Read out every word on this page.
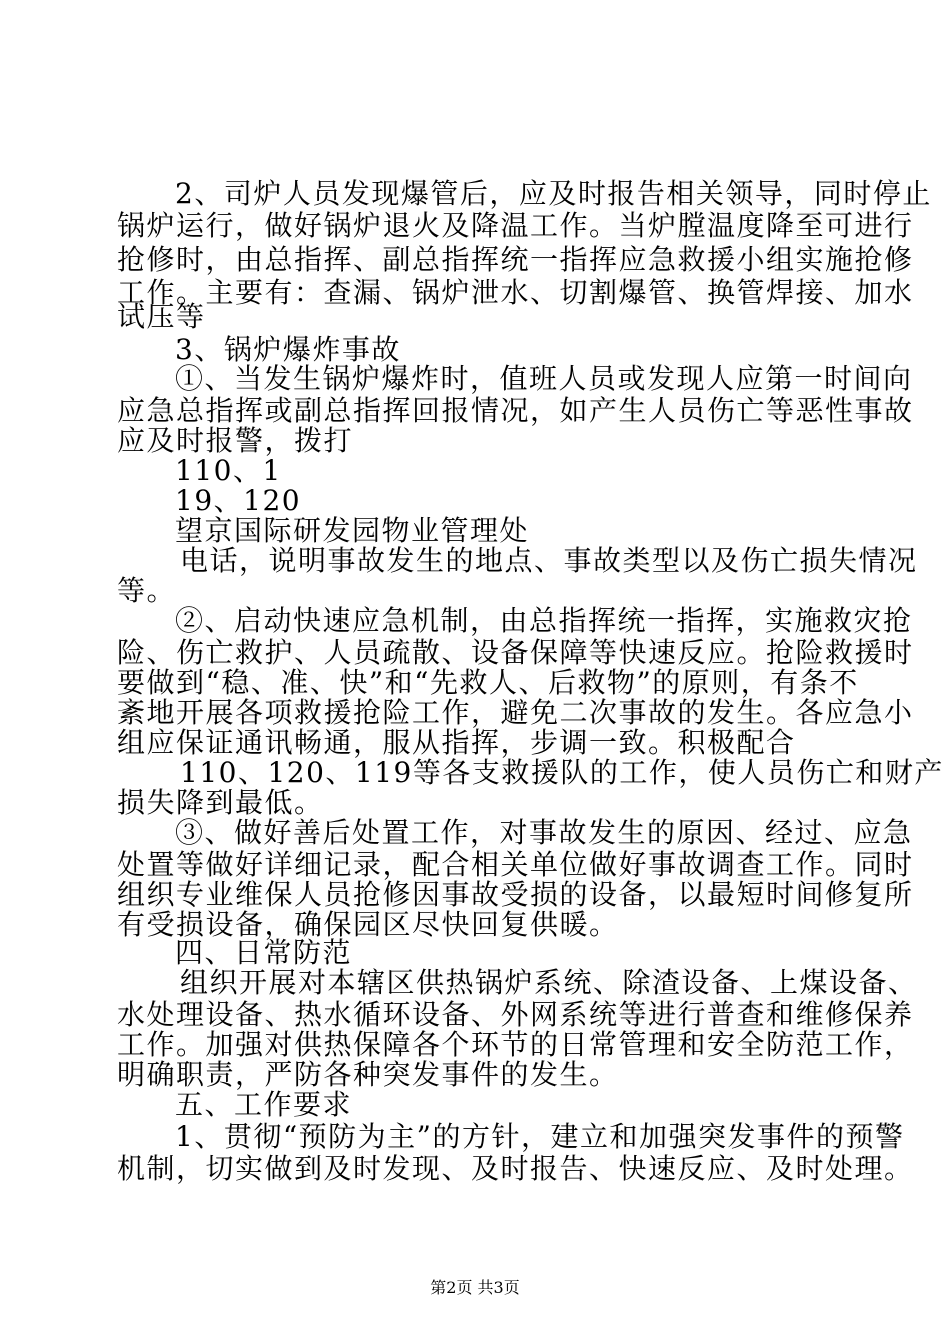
2、司炉人员发现爆管后，应及时报告相关领导，同时停止
锅炉运行，做好锅炉退火及降温工作。当炉膛温度降至可进行
抢修时，由总指挥、副总指挥统一指挥应急救援小组实施抢修
工作。主要有：查漏、锅炉泄水、切割爆管、换管焊接、加水
试压等
3、锅炉爆炸事故
①、当发生锅炉爆炸时，值班人员或发现人应第一时间向
应急总指挥或副总指挥回报情况，如产生人员伤亡等恶性事故
应及时报警，拨打
110、1
19、120
望京国际研发园物业管理处
电话，说明事故发生的地点、事故类型以及伤亡损失情况
等。
②、启动快速应急机制，由总指挥统一指挥，实施救灾抢
险、伤亡救护、人员疏散、设备保障等快速反应。抢险救援时
要做到“稳、准、快”和“先救人、后救物”的原则，有条不
紊地开展各项救援抢险工作，避免二次事故的发生。各应急小
组应保证通讯畅通，服从指挥，步调一致。积极配合
110、120、119等各支救援队的工作，使人员伤亡和财产
损失降到最低。
③、做好善后处置工作，对事故发生的原因、经过、应急
处置等做好详细记录，配合相关单位做好事故调查工作。同时
组织专业维保人员抢修因事故受损的设备，以最短时间修复所
有受损设备，确保园区尽快回复供暖。
四、日常防范
组织开展对本辖区供热锅炉系统、除渣设备、上煤设备、
水处理设备、热水循环设备、外网系统等进行普查和维修保养
工作。加强对供热保障各个环节的日常管理和安全防范工作，
明确职责，严防各种突发事件的发生。
五、工作要求
1、贯彻“预防为主”的方针，建立和加强突发事件的预警
机制，切实做到及时发现、及时报告、快速反应、及时处理。
第2页 共3页
